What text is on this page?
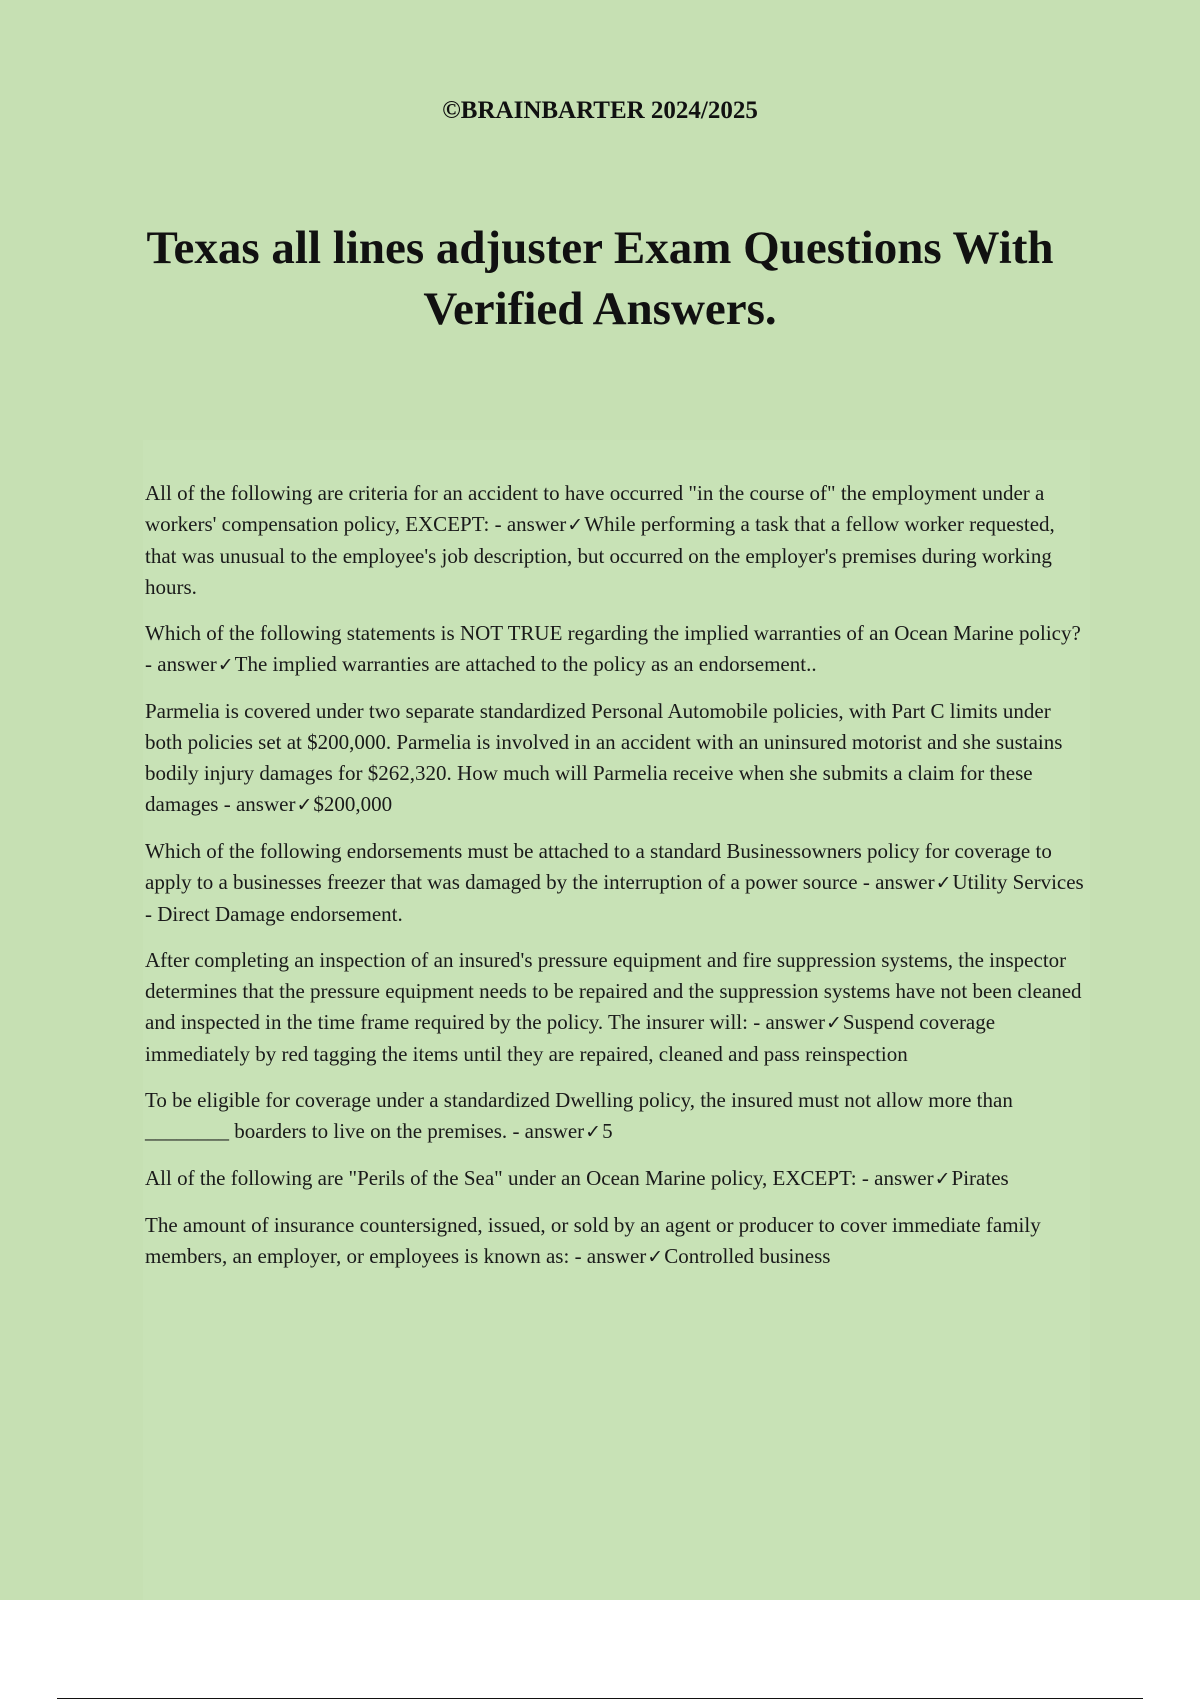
©BRAINBARTER 2024/2025

Texas all lines adjuster Exam Questions With Verified Answers.

All of the following are criteria for an accident to have occurred "in the course of" the employment under a workers' compensation policy, EXCEPT: - answer✓While performing a task that a fellow worker requested, that was unusual to the employee's job description, but occurred on the employer's premises during working hours.

Which of the following statements is NOT TRUE regarding the implied warranties of an Ocean Marine policy? - answer✓The implied warranties are attached to the policy as an endorsement..

Parmelia is covered under two separate standardized Personal Automobile policies, with Part C limits under both policies set at $200,000. Parmelia is involved in an accident with an uninsured motorist and she sustains bodily injury damages for $262,320. How much will Parmelia receive when she submits a claim for these damages - answer✓$200,000

Which of the following endorsements must be attached to a standard Businessowners policy for coverage to apply to a businesses freezer that was damaged by the interruption of a power source - answer✓Utility Services - Direct Damage endorsement.

After completing an inspection of an insured's pressure equipment and fire suppression systems, the inspector determines that the pressure equipment needs to be repaired and the suppression systems have not been cleaned and inspected in the time frame required by the policy. The insurer will: - answer✓Suspend coverage immediately by red tagging the items until they are repaired, cleaned and pass reinspection

To be eligible for coverage under a standardized Dwelling policy, the insured must not allow more than ________ boarders to live on the premises. - answer✓5

All of the following are "Perils of the Sea" under an Ocean Marine policy, EXCEPT: - answer✓Pirates

The amount of insurance countersigned, issued, or sold by an agent or producer to cover immediate family members, an employer, or employees is known as: - answer✓Controlled business
